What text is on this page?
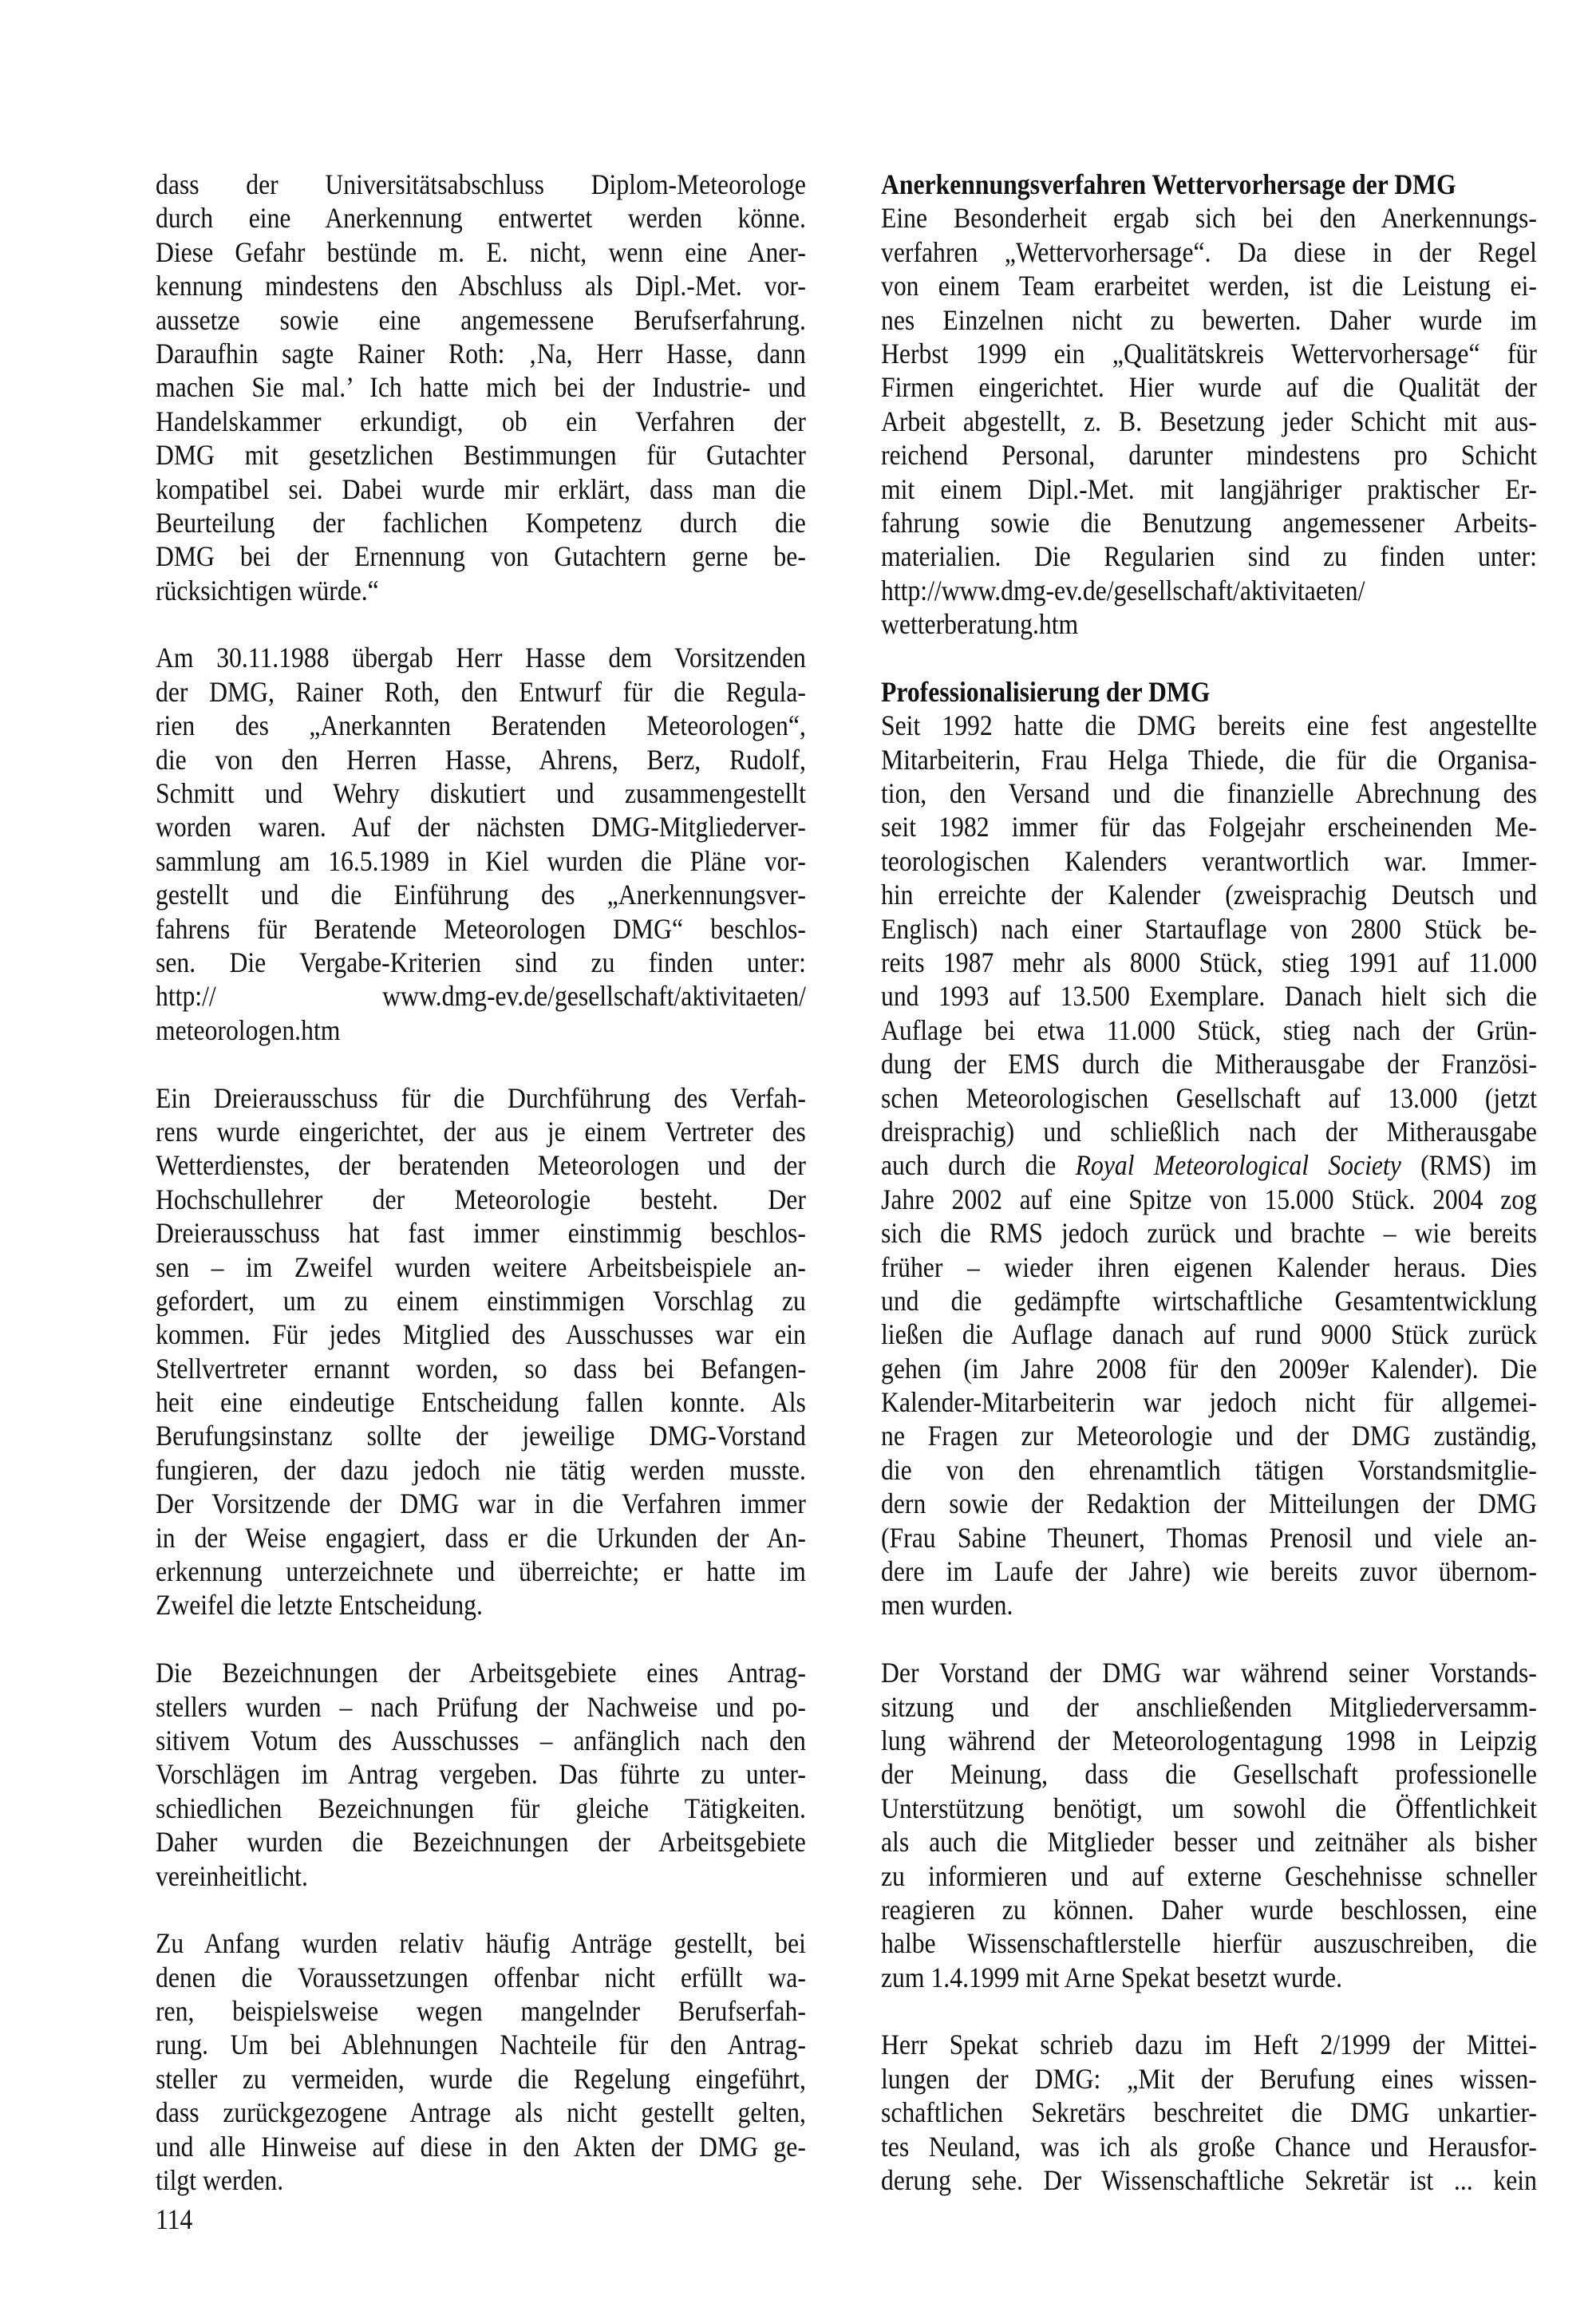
dass der Universitätsabschluss Diplom-Meteorologe
durch eine Anerkennung entwertet werden könne.
Diese Gefahr bestünde m. E. nicht, wenn eine Aner-
kennung mindestens den Abschluss als Dipl.-Met. vor-
aussetze sowie eine angemessene Berufserfahrung.
Daraufhin sagte Rainer Roth: ‚Na, Herr Hasse, dann
machen Sie mal.’ Ich hatte mich bei der Industrie- und
Handelskammer erkundigt, ob ein Verfahren der
DMG mit gesetzlichen Bestimmungen für Gutachter
kompatibel sei. Dabei wurde mir erklärt, dass man die
Beurteilung der fachlichen Kompetenz durch die
DMG bei der Ernennung von Gutachtern gerne be-
rücksichtigen würde.“
Am 30.11.1988 übergab Herr Hasse dem Vorsitzenden
der DMG, Rainer Roth, den Entwurf für die Regula-
rien des „Anerkannten Beratenden Meteorologen“,
die von den Herren Hasse, Ahrens, Berz, Rudolf,
Schmitt und Wehry diskutiert und zusammengestellt
worden waren. Auf der nächsten DMG-Mitgliederver-
sammlung am 16.5.1989 in Kiel wurden die Pläne vor-
gestellt und die Einführung des „Anerkennungsver-
fahrens für Beratende Meteorologen DMG“ beschlos-
sen. Die Vergabe-Kriterien sind zu finden unter:
http:// www.dmg-ev.de/gesellschaft/aktivitaeten/
meteorologen.htm
Ein Dreierausschuss für die Durchführung des Verfah-
rens wurde eingerichtet, der aus je einem Vertreter des
Wetterdienstes, der beratenden Meteorologen und der
Hochschullehrer der Meteorologie besteht. Der
Dreierausschuss hat fast immer einstimmig beschlos-
sen – im Zweifel wurden weitere Arbeitsbeispiele an-
gefordert, um zu einem einstimmigen Vorschlag zu
kommen. Für jedes Mitglied des Ausschusses war ein
Stellvertreter ernannt worden, so dass bei Befangen-
heit eine eindeutige Entscheidung fallen konnte. Als
Berufungsinstanz sollte der jeweilige DMG-Vorstand
fungieren, der dazu jedoch nie tätig werden musste.
Der Vorsitzende der DMG war in die Verfahren immer
in der Weise engagiert, dass er die Urkunden der An-
erkennung unterzeichnete und überreichte; er hatte im
Zweifel die letzte Entscheidung.
Die Bezeichnungen der Arbeitsgebiete eines Antrag-
stellers wurden – nach Prüfung der Nachweise und po-
sitivem Votum des Ausschusses – anfänglich nach den
Vorschlägen im Antrag vergeben. Das führte zu unter-
schiedlichen Bezeichnungen für gleiche Tätigkeiten.
Daher wurden die Bezeichnungen der Arbeitsgebiete
vereinheitlicht.
Zu Anfang wurden relativ häufig Anträge gestellt, bei
denen die Voraussetzungen offenbar nicht erfüllt wa-
ren, beispielsweise wegen mangelnder Berufserfah-
rung. Um bei Ablehnungen Nachteile für den Antrag-
steller zu vermeiden, wurde die Regelung eingeführt,
dass zurückgezogene Antrage als nicht gestellt gelten,
und alle Hinweise auf diese in den Akten der DMG ge-
tilgt werden.
Anerkennungsverfahren Wettervorhersage der DMG
Eine Besonderheit ergab sich bei den Anerkennungs-
verfahren „Wettervorhersage“. Da diese in der Regel
von einem Team erarbeitet werden, ist die Leistung ei-
nes Einzelnen nicht zu bewerten. Daher wurde im
Herbst 1999 ein „Qualitätskreis Wettervorhersage“ für
Firmen eingerichtet. Hier wurde auf die Qualität der
Arbeit abgestellt, z. B. Besetzung jeder Schicht mit aus-
reichend Personal, darunter mindestens pro Schicht
mit einem Dipl.-Met. mit langjähriger praktischer Er-
fahrung sowie die Benutzung angemessener Arbeits-
materialien. Die Regularien sind zu finden unter:
http://www.dmg-ev.de/gesellschaft/aktivitaeten/
wetterberatung.htm
Professionalisierung der DMG
Seit 1992 hatte die DMG bereits eine fest angestellte
Mitarbeiterin, Frau Helga Thiede, die für die Organisa-
tion, den Versand und die finanzielle Abrechnung des
seit 1982 immer für das Folgejahr erscheinenden Me-
teorologischen Kalenders verantwortlich war. Immer-
hin erreichte der Kalender (zweisprachig Deutsch und
Englisch) nach einer Startauflage von 2800 Stück be-
reits 1987 mehr als 8000 Stück, stieg 1991 auf 11.000
und 1993 auf 13.500 Exemplare. Danach hielt sich die
Auflage bei etwa 11.000 Stück, stieg nach der Grün-
dung der EMS durch die Mitherausgabe der Französi-
schen Meteorologischen Gesellschaft auf 13.000 (jetzt
dreisprachig) und schließlich nach der Mitherausgabe
auch durch die Royal Meteorological Society (RMS) im
Jahre 2002 auf eine Spitze von 15.000 Stück. 2004 zog
sich die RMS jedoch zurück und brachte – wie bereits
früher – wieder ihren eigenen Kalender heraus. Dies
und die gedämpfte wirtschaftliche Gesamtentwicklung
ließen die Auflage danach auf rund 9000 Stück zurück
gehen (im Jahre 2008 für den 2009er Kalender). Die
Kalender-Mitarbeiterin war jedoch nicht für allgemei-
ne Fragen zur Meteorologie und der DMG zuständig,
die von den ehrenamtlich tätigen Vorstandsmitglie-
dern sowie der Redaktion der Mitteilungen der DMG
(Frau Sabine Theunert, Thomas Prenosil und viele an-
dere im Laufe der Jahre) wie bereits zuvor übernom-
men wurden.
Der Vorstand der DMG war während seiner Vorstands-
sitzung und der anschließenden Mitgliederversamm-
lung während der Meteorologentagung 1998 in Leipzig
der Meinung, dass die Gesellschaft professionelle
Unterstützung benötigt, um sowohl die Öffentlichkeit
als auch die Mitglieder besser und zeitnäher als bisher
zu informieren und auf externe Geschehnisse schneller
reagieren zu können. Daher wurde beschlossen, eine
halbe Wissenschaftlerstelle hierfür auszuschreiben, die
zum 1.4.1999 mit Arne Spekat besetzt wurde.
Herr Spekat schrieb dazu im Heft 2/1999 der Mittei-
lungen der DMG: „Mit der Berufung eines wissen-
schaftlichen Sekretärs beschreitet die DMG unkartier-
tes Neuland, was ich als große Chance und Herausfor-
derung sehe. Der Wissenschaftliche Sekretär ist ... kein
114
